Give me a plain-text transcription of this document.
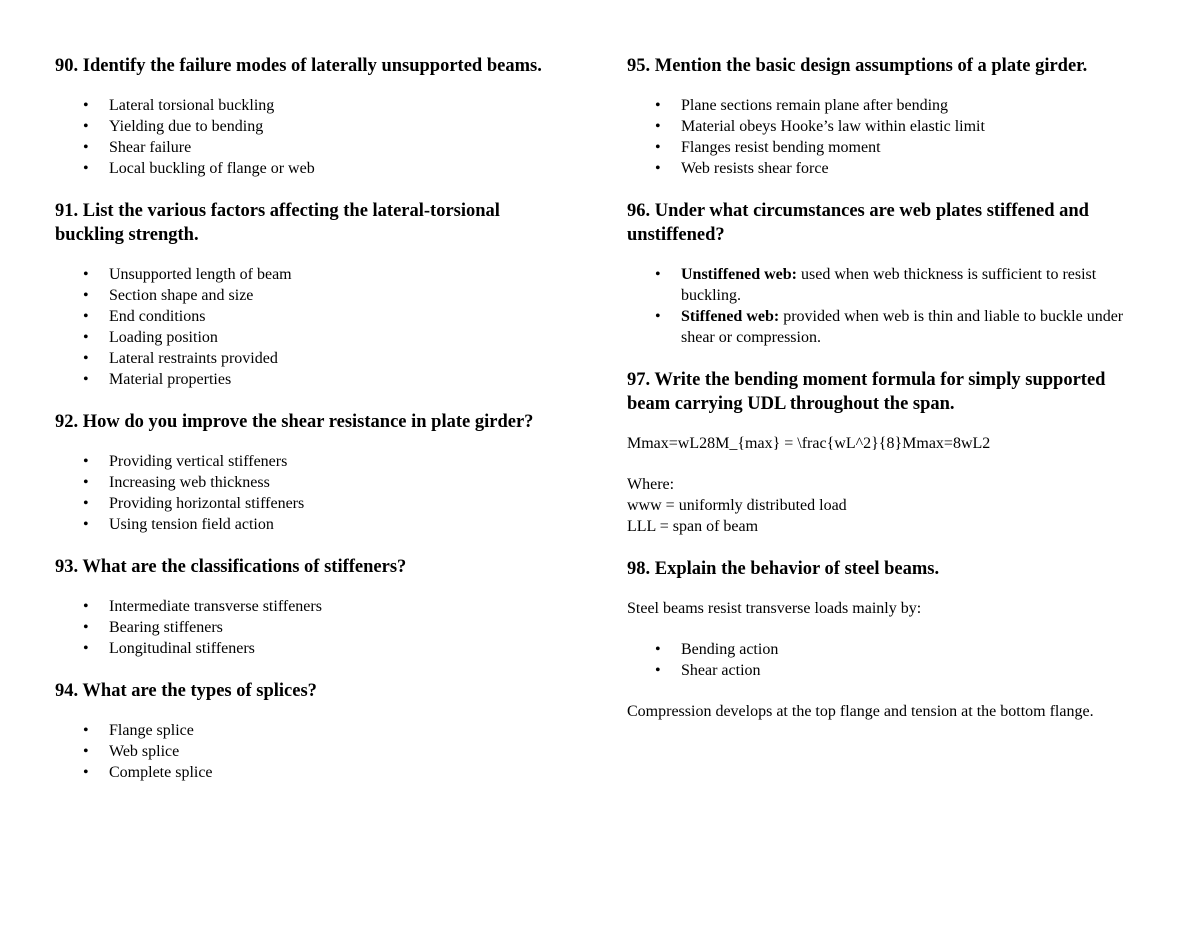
90. Identify the failure modes of laterally unsupported beams.

• Lateral torsional buckling
• Yielding due to bending
• Shear failure
• Local buckling of flange or web

91. List the various factors affecting the lateral-torsional buckling strength.

• Unsupported length of beam
• Section shape and size
• End conditions
• Loading position
• Lateral restraints provided
• Material properties

92. How do you improve the shear resistance in plate girder?

• Providing vertical stiffeners
• Increasing web thickness
• Providing horizontal stiffeners
• Using tension field action

93. What are the classifications of stiffeners?

• Intermediate transverse stiffeners
• Bearing stiffeners
• Longitudinal stiffeners

94. What are the types of splices?

• Flange splice
• Web splice
• Complete splice

95. Mention the basic design assumptions of a plate girder.

• Plane sections remain plane after bending
• Material obeys Hooke’s law within elastic limit
• Flanges resist bending moment
• Web resists shear force

96. Under what circumstances are web plates stiffened and unstiffened?

• Unstiffened web: used when web thickness is sufficient to resist buckling.
• Stiffened web: provided when web is thin and liable to buckle under shear or compression.

97. Write the bending moment formula for simply supported beam carrying UDL throughout the span.

Mmax=wL28M_{max} = \frac{wL^2}{8}Mmax=8wL2

Where:
www = uniformly distributed load
LLL = span of beam

98. Explain the behavior of steel beams.

Steel beams resist transverse loads mainly by:

• Bending action
• Shear action

Compression develops at the top flange and tension at the bottom flange.
